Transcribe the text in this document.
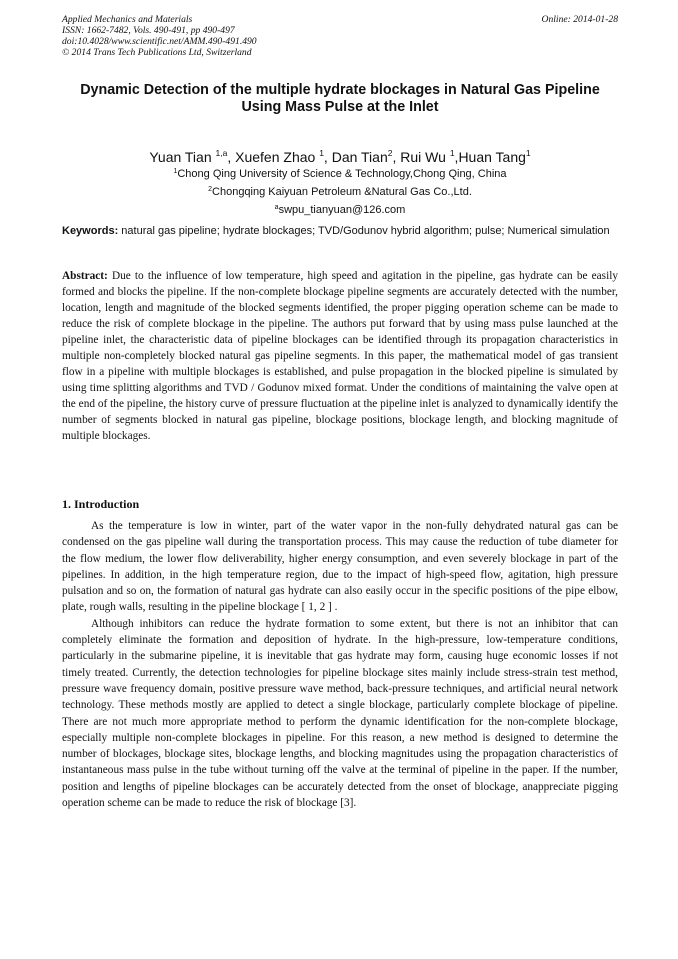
Applied Mechanics and Materials
ISSN: 1662-7482, Vols. 490-491, pp 490-497
doi:10.4028/www.scientific.net/AMM.490-491.490
© 2014 Trans Tech Publications Ltd, Switzerland
Online: 2014-01-28
Dynamic Detection of the multiple hydrate blockages in Natural Gas Pipeline Using Mass Pulse at the Inlet
Yuan Tian $^{1,a}$, Xuefen Zhao $^1$, Dan Tian$^2$, Rui Wu $^1$,Huan Tang$^1$
$^1$Chong Qing University of Science & Technology,Chong Qing, China
$^2$Chongqing Kaiyuan Petroleum &Natural Gas Co.,Ltd.
$^a$swpu_tianyuan@126.com
Keywords: natural gas pipeline; hydrate blockages; TVD/Godunov hybrid algorithm; pulse; Numerical simulation
Abstract: Due to the influence of low temperature, high speed and agitation in the pipeline, gas hydrate can be easily formed and blocks the pipeline. If the non-complete blockage pipeline segments are accurately detected with the number, location, length and magnitude of the blocked segments identified, the proper pigging operation scheme can be made to reduce the risk of complete blockage in the pipeline. The authors put forward that by using mass pulse launched at the pipeline inlet, the characteristic data of pipeline blockages can be identified through its propagation characteristics in multiple non-completely blocked natural gas pipeline segments. In this paper, the mathematical model of gas transient flow in a pipeline with multiple blockages is established, and pulse propagation in the blocked pipeline is simulated by using time splitting algorithms and TVD / Godunov mixed format. Under the conditions of maintaining the valve open at the end of the pipeline, the history curve of pressure fluctuation at the pipeline inlet is analyzed to dynamically identify the number of segments blocked in natural gas pipeline, blockage positions, blockage length, and blocking magnitude of multiple blockages.
1. Introduction

As the temperature is low in winter, part of the water vapor in the non-fully dehydrated natural gas can be condensed on the gas pipeline wall during the transportation process. This may cause the reduction of tube diameter for the flow medium, the lower flow deliverability, higher energy consumption, and even severely blockage in part of the pipelines. In addition, in the high temperature region, due to the impact of high-speed flow, agitation, high pressure pulsation and so on, the formation of natural gas hydrate can also easily occur in the specific positions of the pipe elbow, plate, rough walls, resulting in the pipeline blockage [ 1, 2 ] .

Although inhibitors can reduce the hydrate formation to some extent, but there is not an inhibitor that can completely eliminate the formation and deposition of hydrate. In the high-pressure, low-temperature conditions, particularly in the submarine pipeline, it is inevitable that gas hydrate may form, causing huge economic losses if not timely treated. Currently, the detection technologies for pipeline blockage sites mainly include stress-strain test method, pressure wave frequency domain, positive pressure wave method, back-pressure techniques, and artificial neural network technology. These methods mostly are applied to detect a single blockage, particularly complete blockage of pipeline. There are not much more appropriate method to perform the dynamic identification for the non-complete blockage, especially multiple non-complete blockages in pipeline. For this reason, a new method is designed to determine the number of blockages, blockage sites, blockage lengths, and blocking magnitudes using the propagation characteristics of instantaneous mass pulse in the tube without turning off the valve at the terminal of pipeline in the paper. If the number, position and lengths of pipeline blockages can be accurately detected from the onset of blockage, anappreciate pigging operation scheme can be made to reduce the risk of blockage [3].
